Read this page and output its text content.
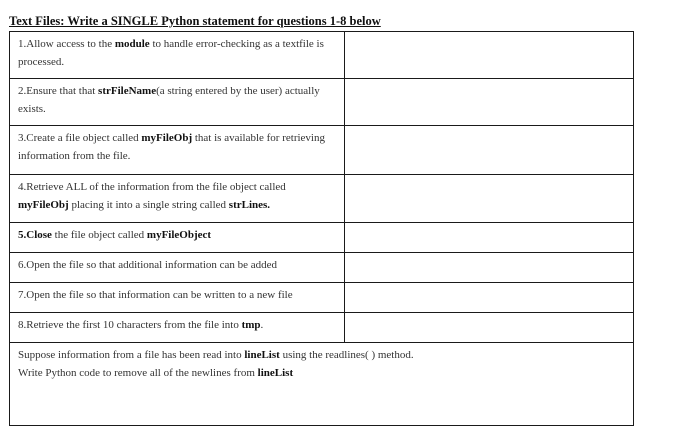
Text Files: Write a SINGLE Python statement for questions 1-8 below
1.Allow access to the module to handle error-checking as a textfile is processed.	
2.Ensure that that strFileName(a string entered by the user) actually exists.	
3.Create a file object called myFileObj that is available for retrieving information from the file.	
4.Retrieve ALL of the information from the file object called myFileObj placing it into a single string called strLines.	
5.Close the file object called myFileObject	
6.Open the file so that additional information can be added	
7.Open the file so that information can be written to a new file	
8.Retrieve the first 10 characters from the file into tmp.	
Suppose information from a file has been read into lineList using the readlines( ) method.
Write Python code to remove all of the newlines from lineList	
